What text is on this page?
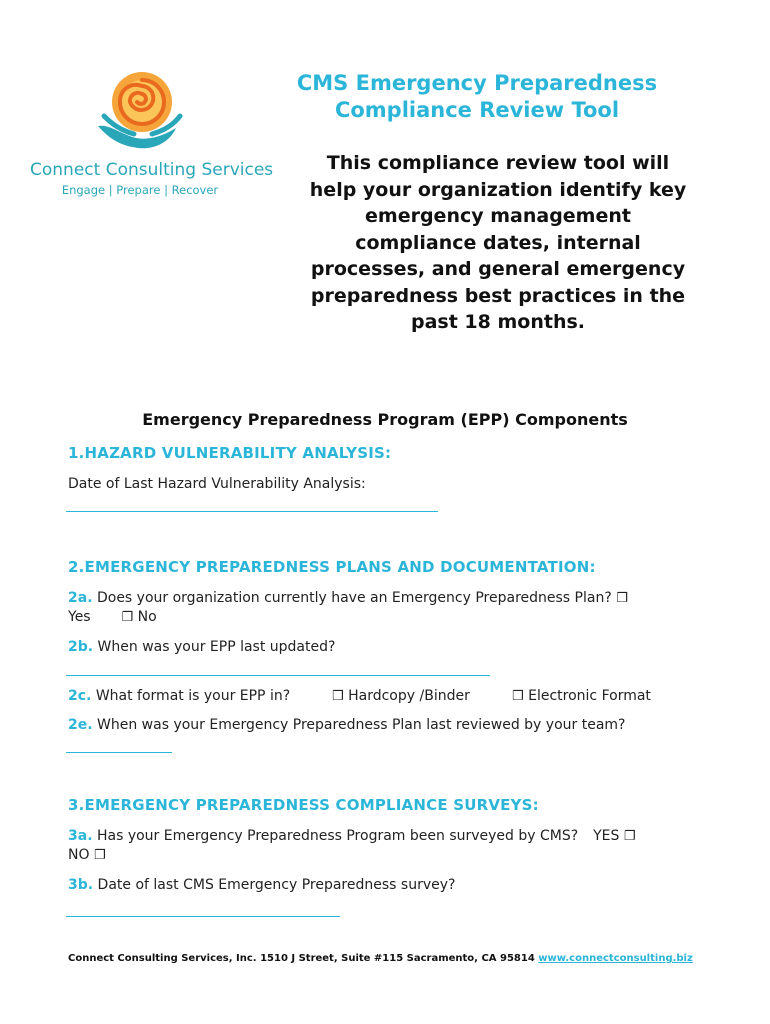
Connect Consulting Services
Engage | Prepare | Recover
CMS Emergency Preparedness
Compliance Review Tool
This compliance review tool will
help your organization identify key
emergency management
compliance dates, internal
processes, and general emergency
preparedness best practices in the
past 18 months.
Emergency Preparedness Program (EPP) Components
1.HAZARD VULNERABILITY ANALYSIS:
Date of Last Hazard Vulnerability Analysis:
2.EMERGENCY PREPAREDNESS PLANS AND DOCUMENTATION:
2a. Does your organization currently have an Emergency Preparedness Plan? ❒
Yes ❒ No
2b. When was your EPP last updated?
2c. What format is your EPP in?	❒ Hardcopy /Binder	❒ Electronic Format
2e. When was your Emergency Preparedness Plan last reviewed by your team?
3.EMERGENCY PREPAREDNESS COMPLIANCE SURVEYS:
3a. Has your Emergency Preparedness Program been surveyed by CMS? YES ❒
NO ❒
3b. Date of last CMS Emergency Preparedness survey?
Connect Consulting Services, Inc. 1510 J Street, Suite #115 Sacramento, CA 95814 www.connectconsulting.biz
